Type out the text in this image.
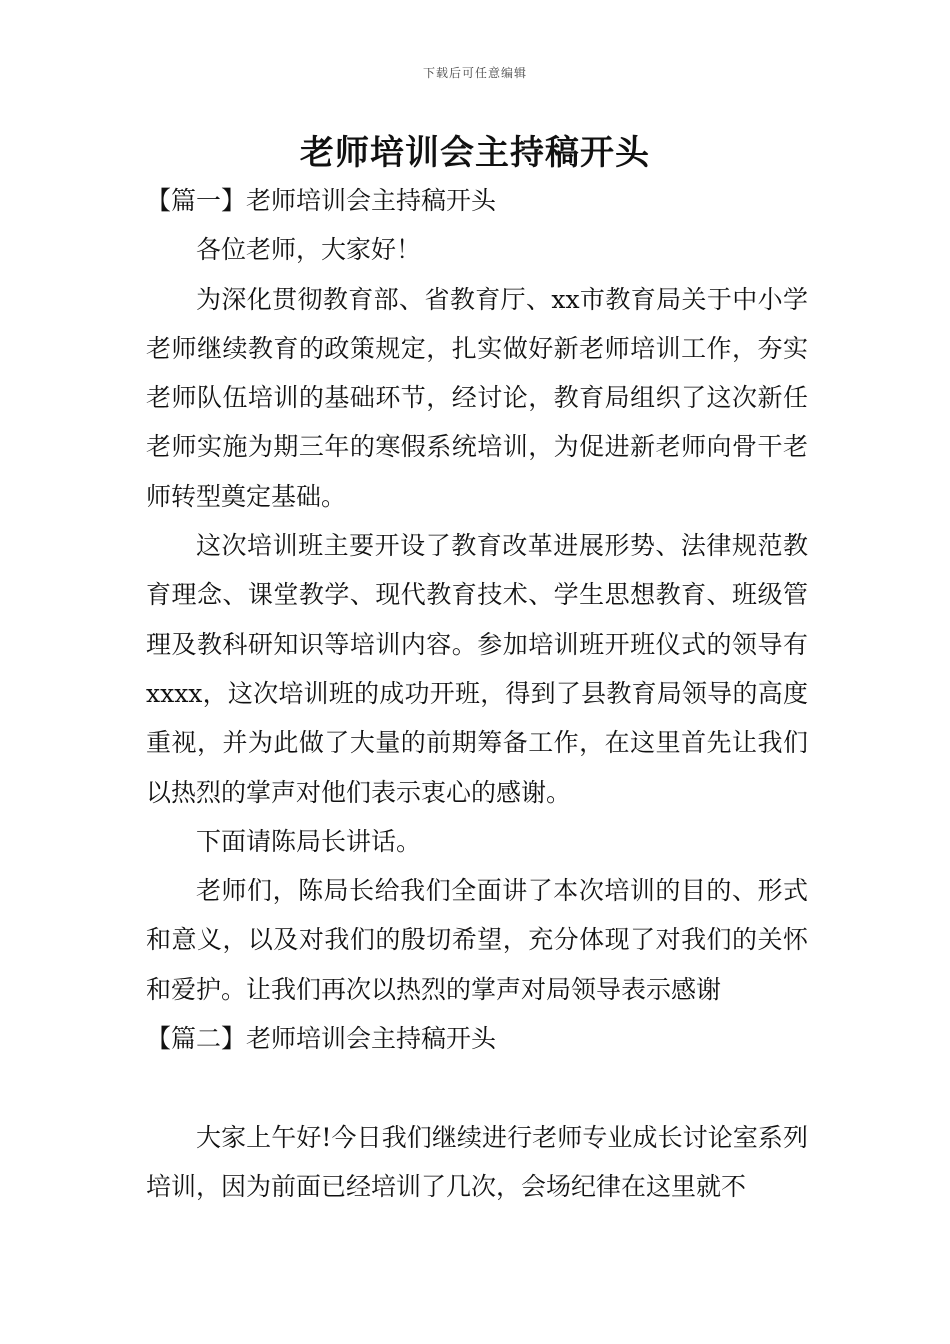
下载后可任意编辑
老师培训会主持稿开头

【篇一】老师培训会主持稿开头

各位老师，大家好！

为深化贯彻教育部、省教育厅、xx市教育局关于中小学老师继续教育的政策规定，扎实做好新老师培训工作，夯实老师队伍培训的基础环节，经讨论，教育局组织了这次新任老师实施为期三年的寒假系统培训，为促进新老师向骨干老师转型奠定基础。

这次培训班主要开设了教育改革进展形势、法律规范教育理念、课堂教学、现代教育技术、学生思想教育、班级管理及教科研知识等培训内容。参加培训班开班仪式的领导有xxxx，这次培训班的成功开班，得到了县教育局领导的高度重视，并为此做了大量的前期筹备工作，在这里首先让我们以热烈的掌声对他们表示衷心的感谢。

下面请陈局长讲话。

老师们，陈局长给我们全面讲了本次培训的目的、形式和意义，以及对我们的殷切希望，充分体现了对我们的关怀和爱护。让我们再次以热烈的掌声对局领导表示感谢

【篇二】老师培训会主持稿开头

大家上午好!今日我们继续进行老师专业成长讨论室系列培训，因为前面已经培训了几次，会场纪律在这里就不
